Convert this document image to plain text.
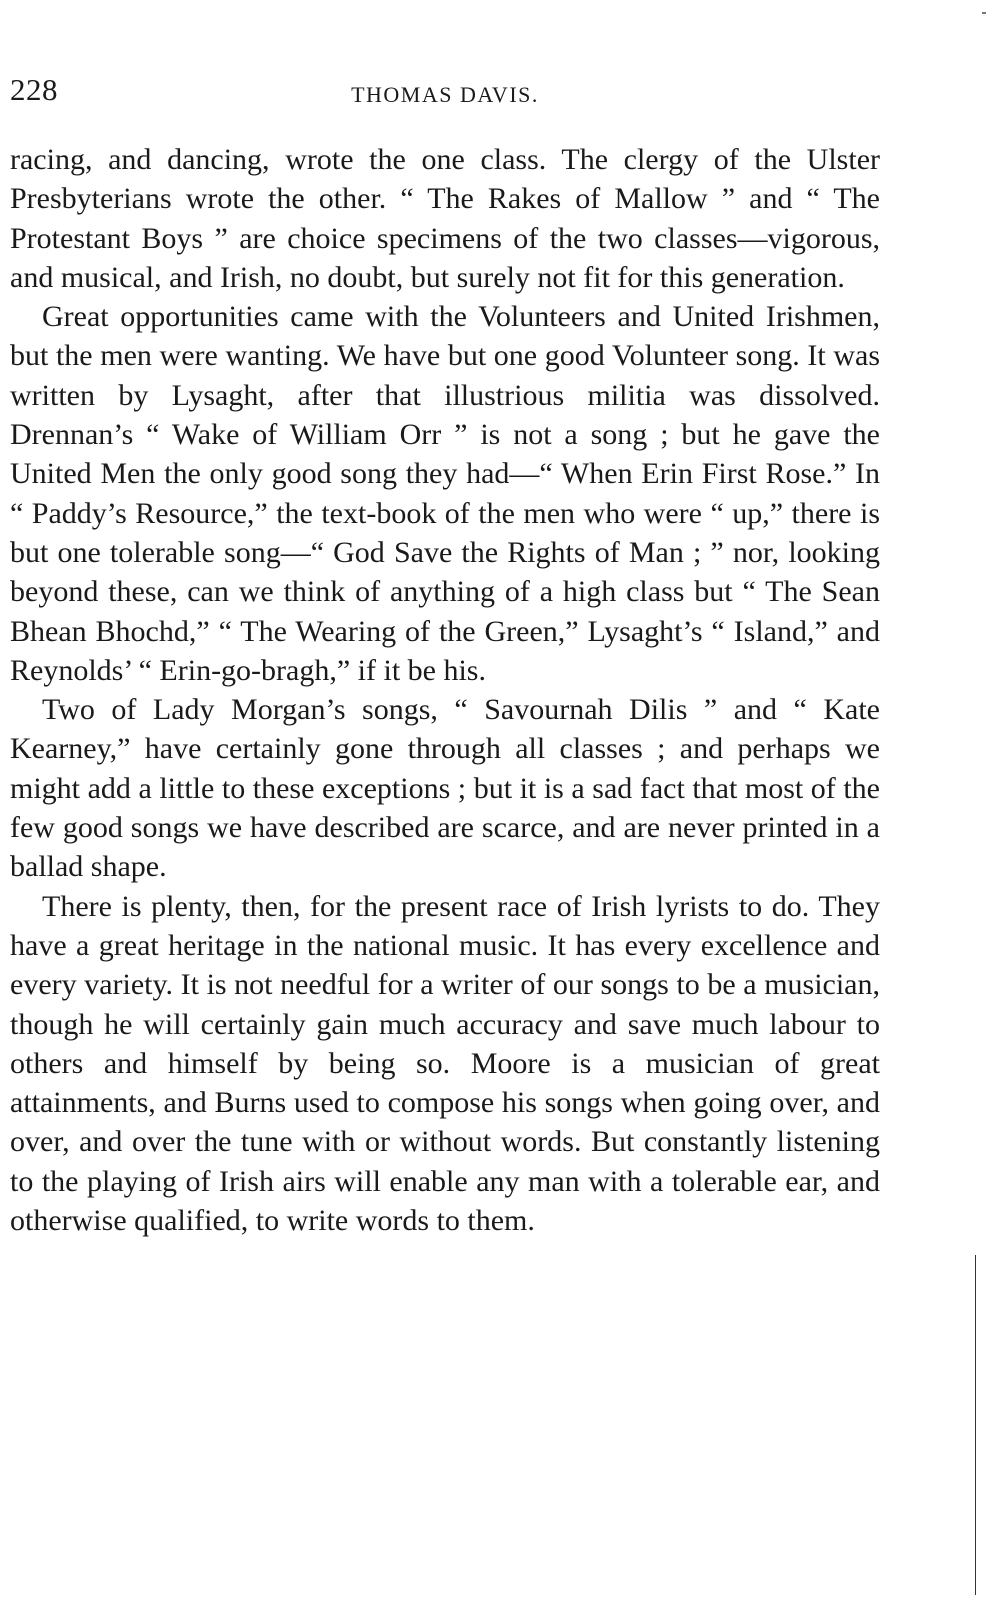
228	THOMAS DAVIS.

racing, and dancing, wrote the one class. The clergy of the Ulster Presbyterians wrote the other. “ The Rakes of Mallow ” and “ The Protestant Boys ” are choice specimens of the two classes—vigorous, and musical, and Irish, no doubt, but surely not fit for this generation.

Great opportunities came with the Volunteers and United Irishmen, but the men were wanting. We have but one good Volunteer song. It was written by Lysaght, after that illustrious militia was dissolved. Drennan’s “ Wake of William Orr ” is not a song ; but he gave the United Men the only good song they had—“ When Erin First Rose.” In “ Paddy’s Resource,” the text-book of the men who were “ up,” there is but one tolerable song—“ God Save the Rights of Man ; ” nor, looking beyond these, can we think of anything of a high class but “ The Sean Bhean Bhochd,” “ The Wearing of the Green,” Lysaght’s “ Island,” and Reynolds’ “ Erin-go-bragh,” if it be his.

Two of Lady Morgan’s songs, “ Savournah Dilis ” and “ Kate Kearney,” have certainly gone through all classes ; and perhaps we might add a little to these exceptions ; but it is a sad fact that most of the few good songs we have described are scarce, and are never printed in a ballad shape.

There is plenty, then, for the present race of Irish lyrists to do. They have a great heritage in the national music. It has every excellence and every variety. It is not needful for a writer of our songs to be a musician, though he will certainly gain much accuracy and save much labour to others and himself by being so. Moore is a musician of great attainments, and Burns used to compose his songs when going over, and over, and over the tune with or without words. But constantly listening to the playing of Irish airs will enable any man with a tolerable ear, and otherwise qualified, to write words to them.
